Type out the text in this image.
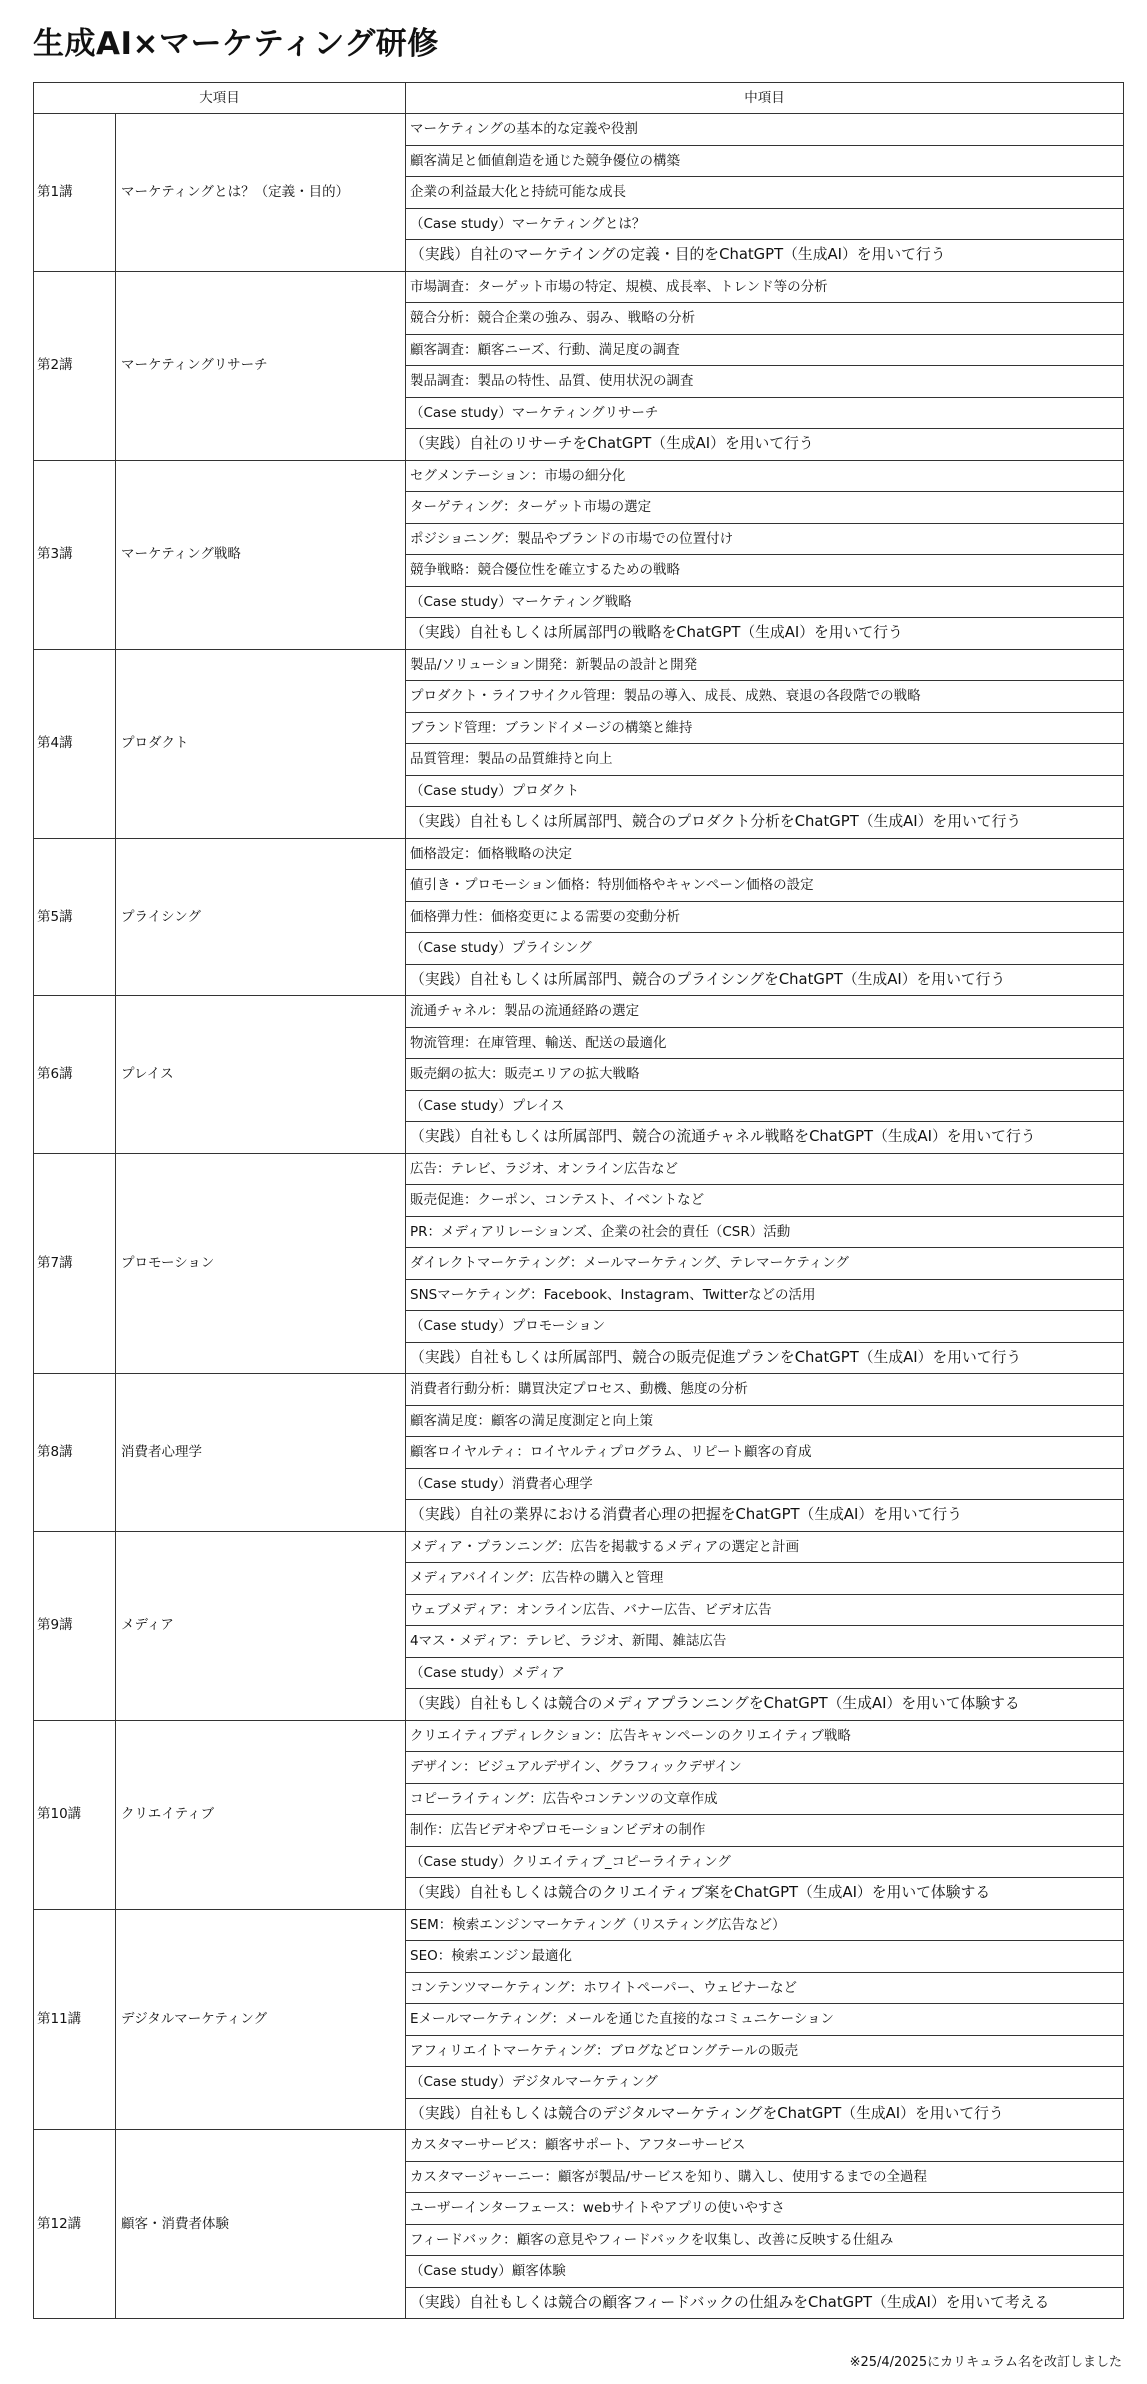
生成AI×マーケティング研修
大項目		中項目
第1講	マーケティングとは？（定義・目的）	マーケティングの基本的な定義や役割
		顧客満足と価値創造を通じた競争優位の構築
		企業の利益最大化と持続可能な成長
		（Case study）マーケティングとは？
		（実践）自社のマーケテイングの定義・目的をChatGPT（生成AI）を用いて行う
第2講	マーケティングリサーチ	市場調査：ターゲット市場の特定、規模、成長率、トレンド等の分析
		競合分析：競合企業の強み、弱み、戦略の分析
		顧客調査：顧客ニーズ、行動、満足度の調査
		製品調査：製品の特性、品質、使用状況の調査
		（Case study）マーケティングリサーチ
		（実践）自社のリサーチをChatGPT（生成AI）を用いて行う
第3講	マーケティング戦略	セグメンテーション：市場の細分化
		ターゲティング：ターゲット市場の選定
		ポジショニング：製品やブランドの市場での位置付け
		競争戦略：競合優位性を確立するための戦略
		（Case study）マーケティング戦略
		（実践）自社もしくは所属部門の戦略をChatGPT（生成AI）を用いて行う
第4講	プロダクト	製品/ソリューション開発：新製品の設計と開発
		プロダクト・ライフサイクル管理：製品の導入、成長、成熟、衰退の各段階での戦略
		ブランド管理：ブランドイメージの構築と維持
		品質管理：製品の品質維持と向上
		（Case study）プロダクト
		（実践）自社もしくは所属部門、競合のプロダクト分析をChatGPT（生成AI）を用いて行う
第5講	プライシング	価格設定：価格戦略の決定
		値引き・プロモーション価格：特別価格やキャンペーン価格の設定
		価格弾力性：価格変更による需要の変動分析
		（Case study）プライシング
		（実践）自社もしくは所属部門、競合のプライシングをChatGPT（生成AI）を用いて行う
第6講	プレイス	流通チャネル：製品の流通経路の選定
		物流管理：在庫管理、輸送、配送の最適化
		販売網の拡大：販売エリアの拡大戦略
		（Case study）プレイス
		（実践）自社もしくは所属部門、競合の流通チャネル戦略をChatGPT（生成AI）を用いて行う
第7講	プロモーション	広告：テレビ、ラジオ、オンライン広告など
		販売促進：クーポン、コンテスト、イベントなど
		PR：メディアリレーションズ、企業の社会的責任（CSR）活動
		ダイレクトマーケティング：メールマーケティング、テレマーケティング
		SNSマーケティング：Facebook、Instagram、Twitterなどの活用
		（Case study）プロモーション
		（実践）自社もしくは所属部門、競合の販売促進プランをChatGPT（生成AI）を用いて行う
第8講	消費者心理学	消費者行動分析：購買決定プロセス、動機、態度の分析
		顧客満足度：顧客の満足度測定と向上策
		顧客ロイヤルティ：ロイヤルティプログラム、リピート顧客の育成
		（Case study）消費者心理学
		（実践）自社の業界における消費者心理の把握をChatGPT（生成AI）を用いて行う
第9講	メディア	メディア・プランニング：広告を掲載するメディアの選定と計画
		メディアバイイング：広告枠の購入と管理
		ウェブメディア：オンライン広告、バナー広告、ビデオ広告
		4マス・メディア：テレビ、ラジオ、新聞、雑誌広告
		（Case study）メディア
		（実践）自社もしくは競合のメディアプランニングをChatGPT（生成AI）を用いて体験する
第10講	クリエイティブ	クリエイティブディレクション：広告キャンペーンのクリエイティブ戦略
		デザイン：ビジュアルデザイン、グラフィックデザイン
		コピーライティング：広告やコンテンツの文章作成
		制作：広告ビデオやプロモーションビデオの制作
		（Case study）クリエイティブ_コピーライティング
		（実践）自社もしくは競合のクリエイティブ案をChatGPT（生成AI）を用いて体験する
第11講	デジタルマーケティング	SEM：検索エンジンマーケティング（リスティング広告など）
		SEO：検索エンジン最適化
		コンテンツマーケティング：ホワイトペーパー、ウェビナーなど
		Eメールマーケティング：メールを通じた直接的なコミュニケーション
		アフィリエイトマーケティング：ブログなどロングテールの販売
		（Case study）デジタルマーケティング
		（実践）自社もしくは競合のデジタルマーケティングをChatGPT（生成AI）を用いて行う
第12講	顧客・消費者体験	カスタマーサービス：顧客サポート、アフターサービス
		カスタマージャーニー：顧客が製品/サービスを知り、購入し、使用するまでの全過程
		ユーザーインターフェース：webサイトやアプリの使いやすさ
		フィードバック：顧客の意見やフィードバックを収集し、改善に反映する仕組み
		（Case study）顧客体験
		（実践）自社もしくは競合の顧客フィードバックの仕組みをChatGPT（生成AI）を用いて考える
※25/4/2025にカリキュラム名を改訂しました
